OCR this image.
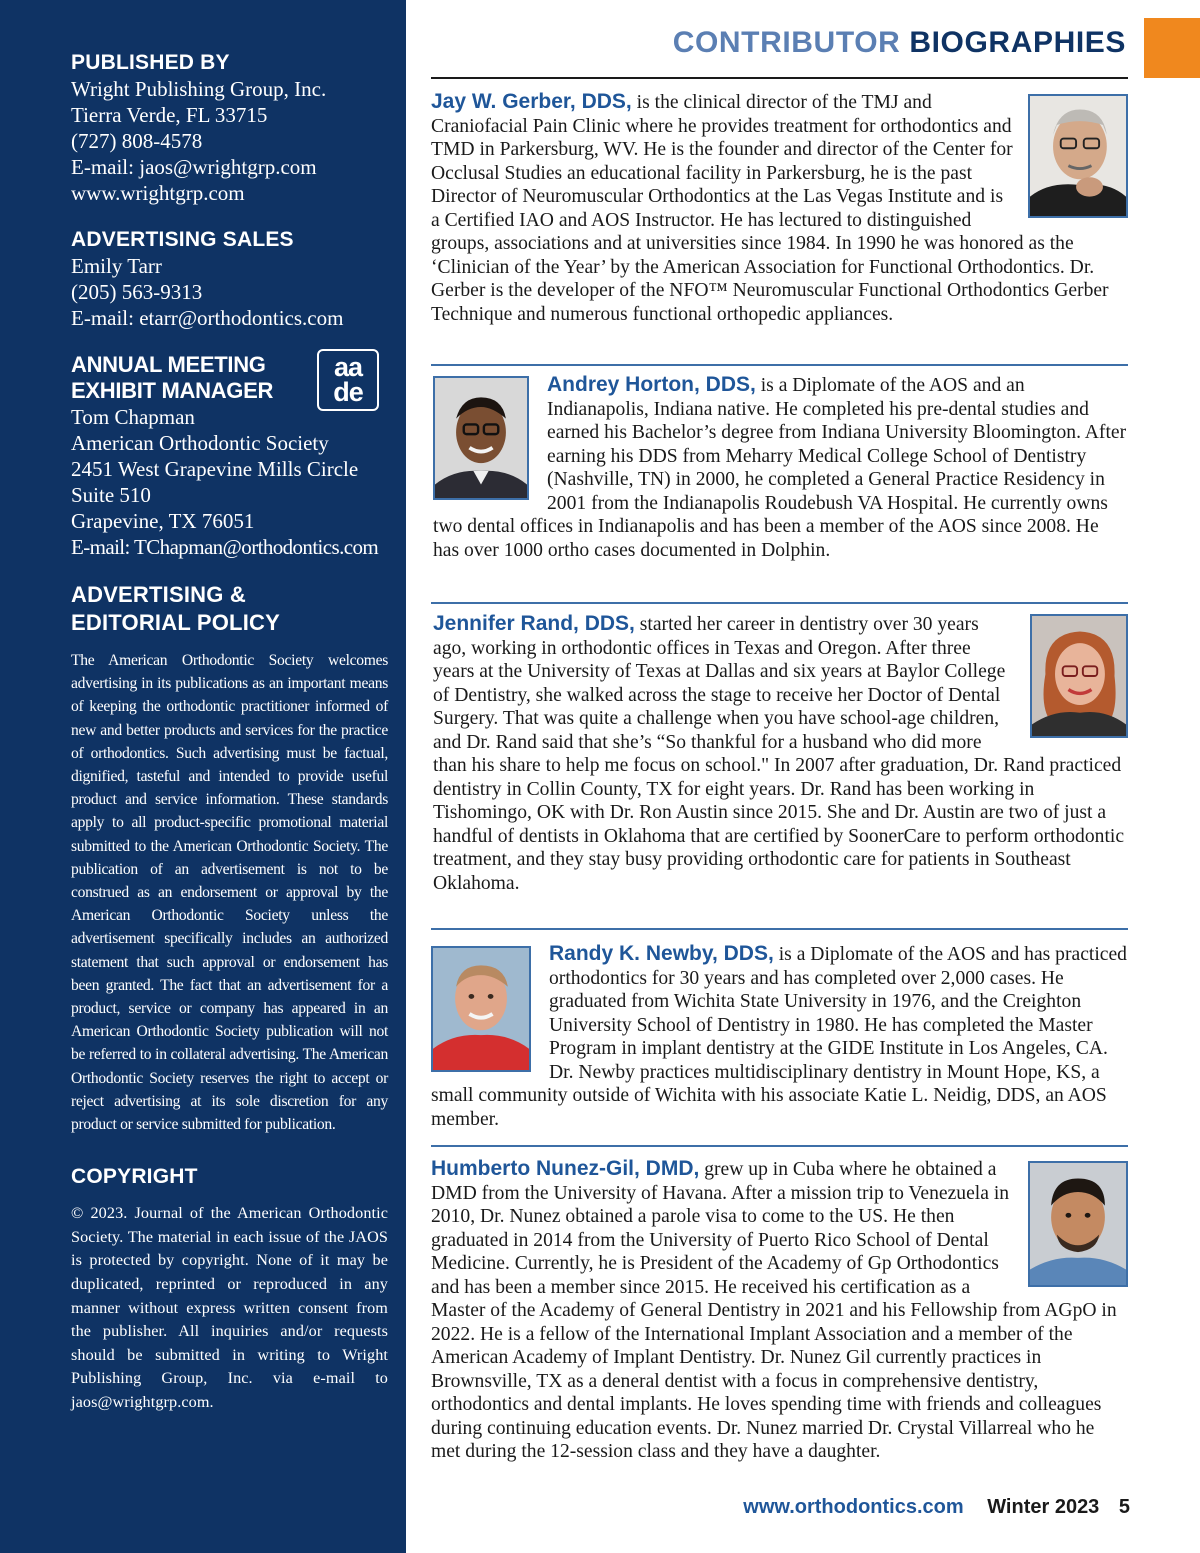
PUBLISHED BY
Wright Publishing Group, Inc.
Tierra Verde, FL 33715
(727) 808-4578
E-mail: jaos@wrightgrp.com
www.wrightgrp.com
ADVERTISING SALES
Emily Tarr
(205) 563-9313
E-mail: etarr@orthodontics.com
ANNUAL MEETING
EXHIBIT MANAGER
aa
de
Tom Chapman
American Orthodontic Society
2451 West Grapevine Mills Circle
Suite 510
Grapevine, TX 76051
E-mail: TChapman@orthodontics.com
ADVERTISING &
EDITORIAL POLICY
The American Orthodontic Society welcomes advertising in its publications as an important means of keeping the orthodontic practitioner informed of new and better products and services for the practice of orthodontics. Such advertising must be factual, dignified, tasteful and intended to provide useful product and service information. These standards apply to all product-specific promotional material submitted to the American Orthodontic Society. The publication of an advertisement is not to be construed as an endorsement or approval by the American Orthodontic Society unless the advertisement specifically includes an authorized statement that such approval or endorsement has been granted. The fact that an advertisement for a product, service or company has appeared in an American Orthodontic Society publication will not be referred to in collateral advertising. The American Orthodontic Society reserves the right to accept or reject advertising at its sole discretion for any product or service submitted for publication.
COPYRIGHT
© 2023. Journal of the American Orthodontic Society. The material in each issue of the JAOS is protected by copyright. None of it may be duplicated, reprinted or reproduced in any manner without express written consent from the publisher. All inquiries and/or requests should be submitted in writing to Wright Publishing Group, Inc. via e-mail to jaos@wrightgrp.com.
CONTRIBUTOR BIOGRAPHIES
Jay W. Gerber, DDS, is the clinical director of the TMJ and Craniofacial Pain Clinic where he provides treatment for orthodontics and TMD in Parkersburg, WV. He is the founder and director of the Center for Occlusal Studies an educational facility in Parkersburg, he is the past Director of Neuromuscular Orthodontics at the Las Vegas Institute and is a Certified IAO and AOS Instructor. He has lectured to distinguished groups, associations and at universities since 1984. In 1990 he was honored as the ‘Clinician of the Year’ by the American Association for Functional Orthodontics. Dr. Gerber is the developer of the NFO™ Neuromuscular Functional Orthodontics Gerber Technique and numerous functional orthopedic appliances.
Andrey Horton, DDS, is a Diplomate of the AOS and an Indianapolis, Indiana native. He completed his pre-dental studies and earned his Bachelor’s degree from Indiana University Bloomington. After earning his DDS from Meharry Medical College School of Dentistry (Nashville, TN) in 2000, he completed a General Practice Residency in 2001 from the Indianapolis Roudebush VA Hospital. He currently owns two dental offices in Indianapolis and has been a member of the AOS since 2008. He has over 1000 ortho cases documented in Dolphin.
Jennifer Rand, DDS, started her career in dentistry over 30 years ago, working in orthodontic offices in Texas and Oregon. After three years at the University of Texas at Dallas and six years at Baylor College of Dentistry, she walked across the stage to receive her Doctor of Dental Surgery. That was quite a challenge when you have school-age children, and Dr. Rand said that she’s “So thankful for a husband who did more than his share to help me focus on school." In 2007 after graduation, Dr. Rand practiced dentistry in Collin County, TX for eight years. Dr. Rand has been working in Tishomingo, OK with Dr. Ron Austin since 2015. She and Dr. Austin are two of just a handful of dentists in Oklahoma that are certified by SoonerCare to perform orthodontic treatment, and they stay busy providing orthodontic care for patients in Southeast Oklahoma.
Randy K. Newby, DDS, is a Diplomate of the AOS and has practiced orthodontics for 30 years and has completed over 2,000 cases. He graduated from Wichita State University in 1976, and the Creighton University School of Dentistry in 1980. He has completed the Master Program in implant dentistry at the GIDE Institute in Los Angeles, CA. Dr. Newby practices multidisciplinary dentistry in Mount Hope, KS, a small community outside of Wichita with his associate Katie L. Neidig, DDS, an AOS member.
Humberto Nunez-Gil, DMD, grew up in Cuba where he obtained a DMD from the University of Havana. After a mission trip to Venezuela in 2010, Dr. Nunez obtained a parole visa to come to the US. He then graduated in 2014 from the University of Puerto Rico School of Dental Medicine. Currently, he is President of the Academy of Gp Orthodontics and has been a member since 2015. He received his certification as a Master of the Academy of General Dentistry in 2021 and his Fellowship from AGpO in 2022. He is a fellow of the International Implant Association and a member of the American Academy of Implant Dentistry. Dr. Nunez Gil currently practices in Brownsville, TX as a deneral dentist with a focus in comprehensive dentistry, orthodontics and dental implants. He loves spending time with friends and colleagues during continuing education events. Dr. Nunez married Dr. Crystal Villarreal who he met during the 12-session class and they have a daughter.
www.orthodontics.com Winter 2023 5
